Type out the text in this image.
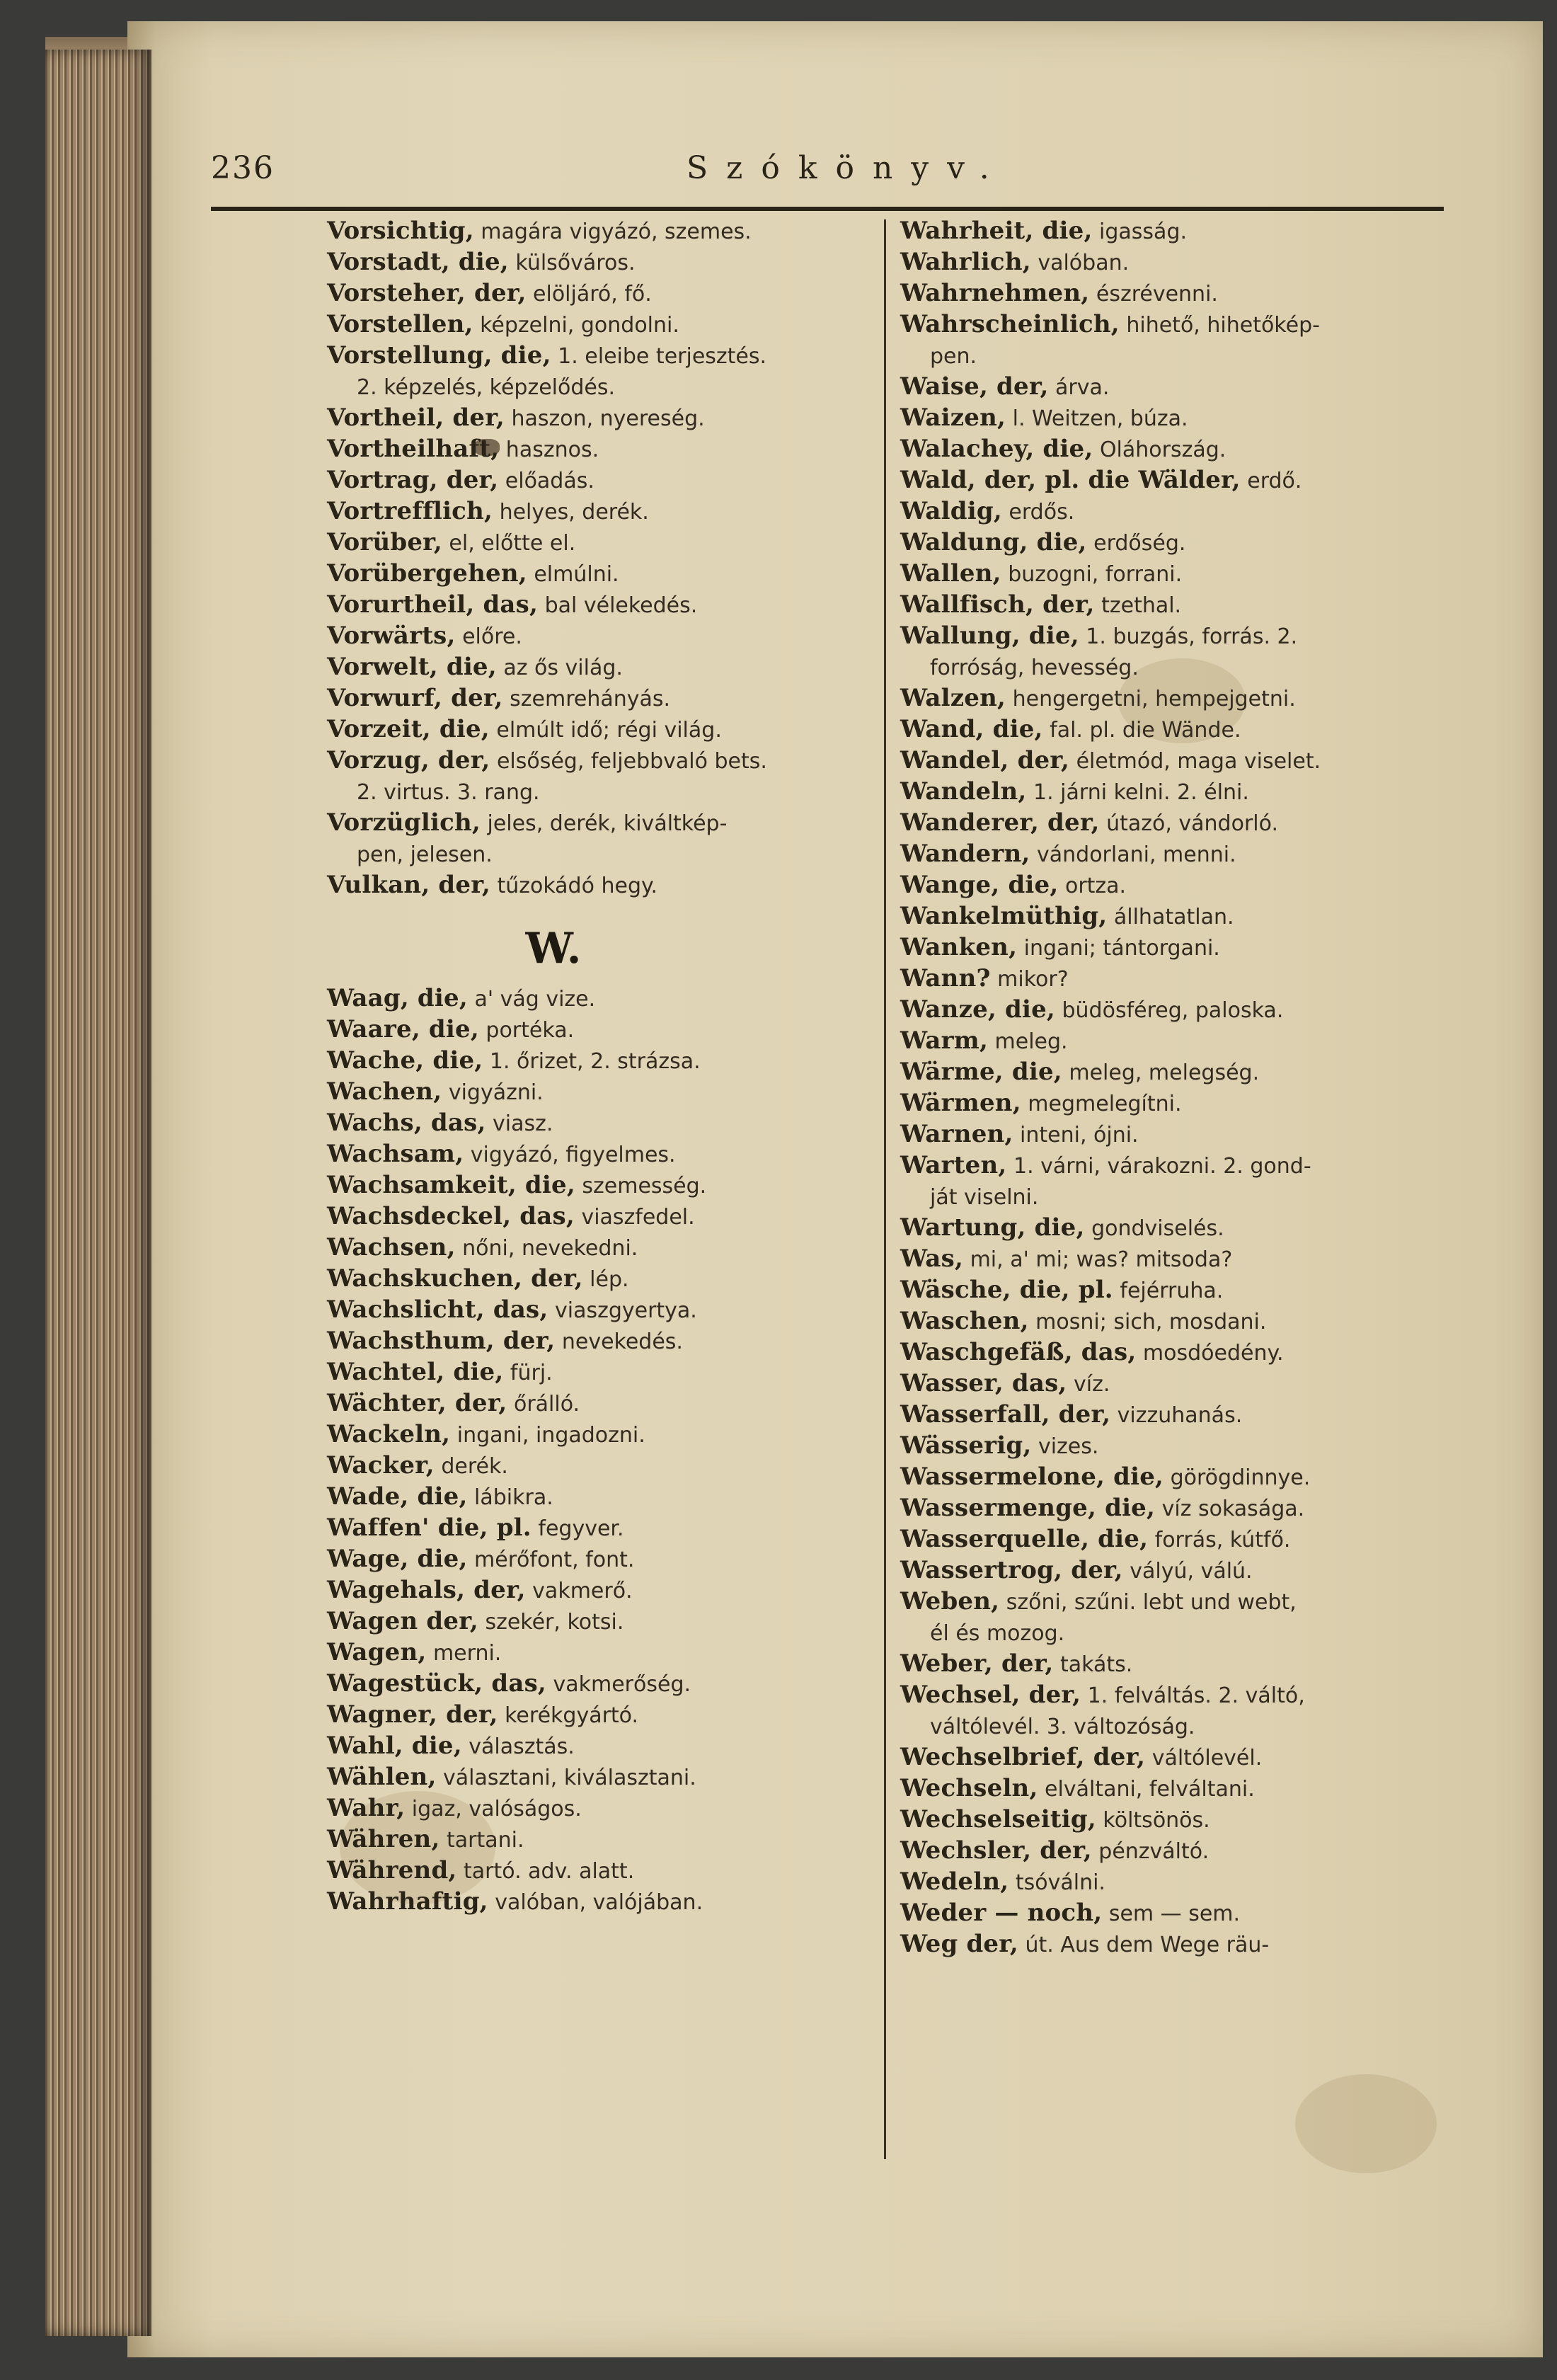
236	Szókönyv.
Vorsichtig, magára vigyázó, szemes.
Vorstadt, die, külsőváros.
Vorsteher, der, elöljáró, fő.
Vorstellen, képzelni, gondolni.
Vorstellung, die, 1. eleibe terjesztés.
2. képzelés, képzelődés.
Vortheil, der, haszon, nyereség.
Vortheilhaft, hasznos.
Vortrag, der, előadás.
Vortrefflich, helyes, derék.
Vorüber, el, előtte el.
Vorübergehen, elmúlni.
Vorurtheil, das, bal vélekedés.
Vorwärts, előre.
Vorwelt, die, az ős világ.
Vorwurf, der, szemrehányás.
Vorzeit, die, elmúlt idő; régi világ.
Vorzug, der, elsőség, feljebbvaló bets.
2. virtus. 3. rang.
Vorzüglich, jeles, derék, kiváltkép-
pen, jelesen.
Vulkan, der, tűzokádó hegy.
W.
Waag, die, a' vág vize.
Waare, die, portéka.
Wache, die, 1. őrizet, 2. strázsa.
Wachen, vigyázni.
Wachs, das, viasz.
Wachsam, vigyázó, figyelmes.
Wachsamkeit, die, szemesség.
Wachsdeckel, das, viaszfedel.
Wachsen, nőni, nevekedni.
Wachskuchen, der, lép.
Wachslicht, das, viaszgyertya.
Wachsthum, der, nevekedés.
Wachtel, die, fürj.
Wächter, der, őrálló.
Wackeln, ingani, ingadozni.
Wacker, derék.
Wade, die, lábikra.
Waffen' die, pl. fegyver.
Wage, die, mérőfont, font.
Wagehals, der, vakmerő.
Wagen der, szekér, kotsi.
Wagen, merni.
Wagestück, das, vakmerőség.
Wagner, der, kerékgyártó.
Wahl, die, választás.
Wählen, választani, kiválasztani.
Wahr, igaz, valóságos.
Währen, tartani.
Während, tartó. adv. alatt.
Wahrhaftig, valóban, valójában.
Wahrheit, die, igasság.
Wahrlich, valóban.
Wahrnehmen, észrévenni.
Wahrscheinlich, hihető, hihetőkép-
pen.
Waise, der, árva.
Waizen, l. Weitzen, búza.
Walachey, die, Oláhország.
Wald, der, pl. die Wälder, erdő.
Waldig, erdős.
Waldung, die, erdőség.
Wallen, buzogni, forrani.
Wallfisch, der, tzethal.
Wallung, die, 1. buzgás, forrás. 2.
forróság, hevesség.
Walzen, hengergetni, hempejgetni.
Wand, die, fal. pl. die Wände.
Wandel, der, életmód, maga viselet.
Wandeln, 1. járni kelni. 2. élni.
Wanderer, der, útazó, vándorló.
Wandern, vándorlani, menni.
Wange, die, ortza.
Wankelmüthig, állhatatlan.
Wanken, ingani; tántorgani.
Wann? mikor?
Wanze, die, büdösféreg, paloska.
Warm, meleg.
Wärme, die, meleg, melegség.
Wärmen, megmelegítni.
Warnen, inteni, ójni.
Warten, 1. várni, várakozni. 2. gond-
ját viselni.
Wartung, die, gondviselés.
Was, mi, a' mi; was? mitsoda?
Wäsche, die, pl. fejérruha.
Waschen, mosni; sich, mosdani.
Waschgefäß, das, mosdóedény.
Wasser, das, víz.
Wasserfall, der, vizzuhanás.
Wässerig, vizes.
Wassermelone, die, görögdinnye.
Wassermenge, die, víz sokasága.
Wasserquelle, die, forrás, kútfő.
Wassertrog, der, vályú, válú.
Weben, szőni, szűni. lebt und webt,
él és mozog.
Weber, der, takáts.
Wechsel, der, 1. felváltás. 2. váltó,
váltólevél. 3. változóság.
Wechselbrief, der, váltólevél.
Wechseln, elváltani, felváltani.
Wechselseitig, költsönös.
Wechsler, der, pénzváltó.
Wedeln, tsóválni.
Weder — noch, sem — sem.
Weg der, út. Aus dem Wege räu-
